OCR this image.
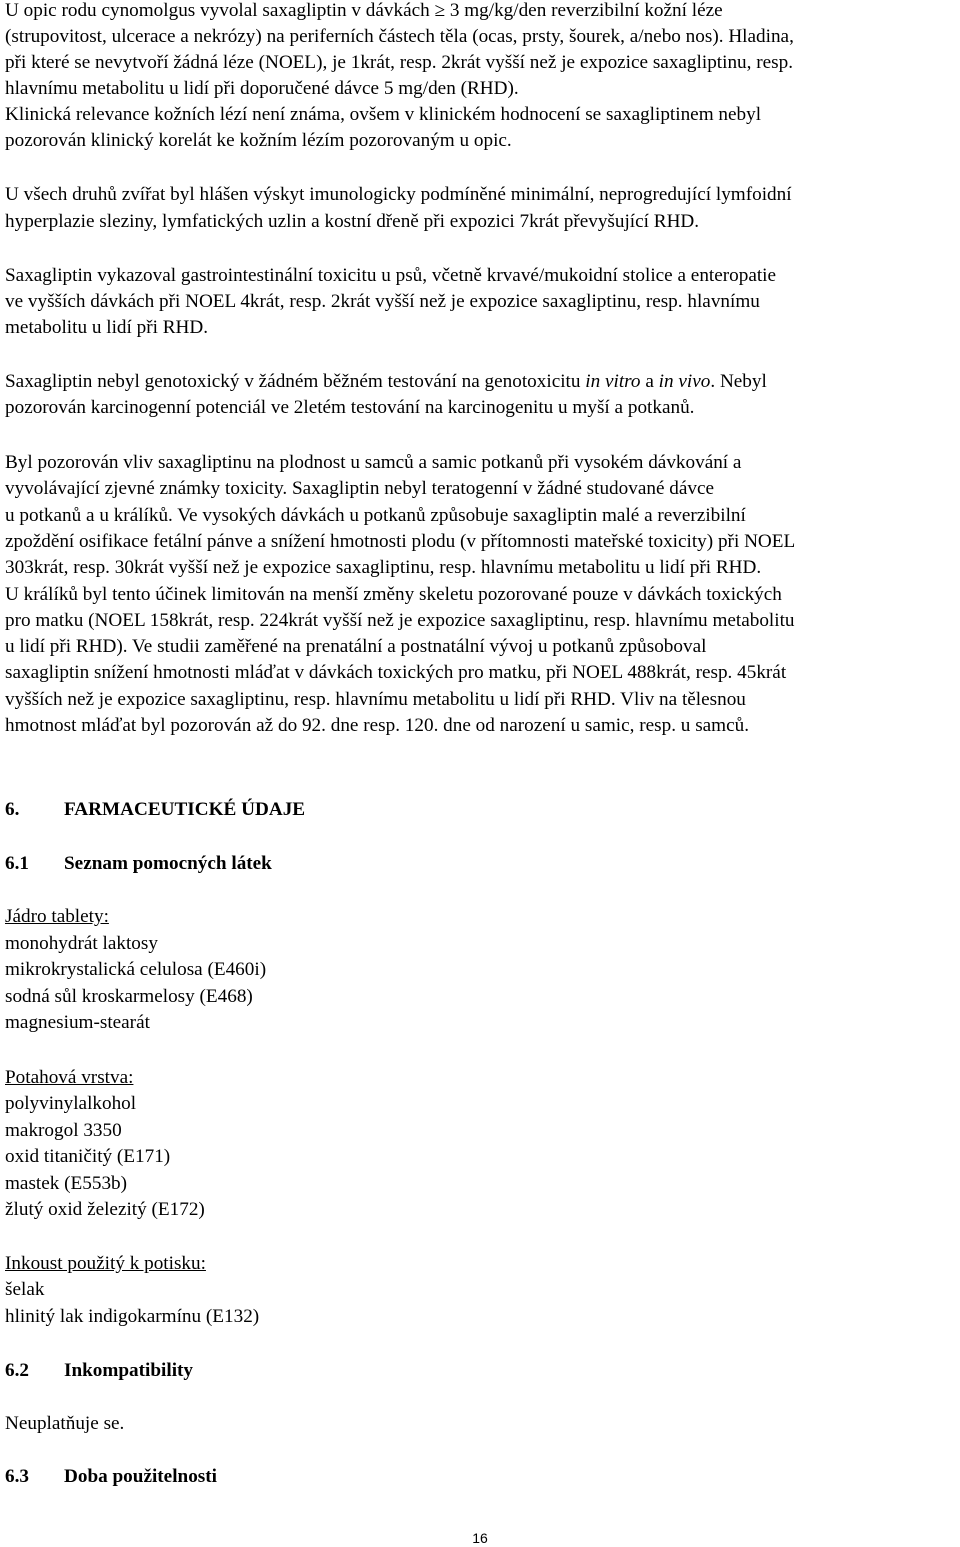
U opic rodu cynomolgus vyvolal saxagliptin v dávkách ≥ 3 mg/kg/den reverzibilní kožní léze
(strupovitost, ulcerace a nekrózy) na periferních částech těla (ocas, prsty, šourek, a/nebo nos). Hladina,
při které se nevytvoří žádná léze (NOEL), je 1krát, resp. 2krát vyšší než je expozice saxagliptinu, resp.
hlavnímu metabolitu u lidí při doporučené dávce 5 mg/den (RHD).
Klinická relevance kožních lézí není známa, ovšem v klinickém hodnocení se saxagliptinem nebyl
pozorován klinický korelát ke kožním lézím pozorovaným u opic.
U všech druhů zvířat byl hlášen výskyt imunologicky podmíněné minimální, neprogredující lymfoidní
hyperplazie sleziny, lymfatických uzlin a kostní dřeně při expozici 7krát převyšující RHD.
Saxagliptin vykazoval gastrointestinální toxicitu u psů, včetně krvavé/mukoidní stolice a enteropatie
ve vyšších dávkách při NOEL 4krát, resp. 2krát vyšší než je expozice saxagliptinu, resp. hlavnímu
metabolitu u lidí při RHD.
Saxagliptin nebyl genotoxický v žádném běžném testování na genotoxicitu in vitro a in vivo. Nebyl
pozorován karcinogenní potenciál ve 2letém testování na karcinogenitu u myší a potkanů.
Byl pozorován vliv saxagliptinu na plodnost u samců a samic potkanů při vysokém dávkování a
vyvolávající zjevné známky toxicity. Saxagliptin nebyl teratogenní v žádné studované dávce
u potkanů a u králíků. Ve vysokých dávkách u potkanů způsobuje saxagliptin malé a reverzibilní
zpoždění osifikace fetální pánve a snížení hmotnosti plodu (v přítomnosti mateřské toxicity) při NOEL
303krát, resp. 30krát vyšší než je expozice saxagliptinu, resp. hlavnímu metabolitu u lidí při RHD.
U králíků byl tento účinek limitován na menší změny skeletu pozorované pouze v dávkách toxických
pro matku (NOEL 158krát, resp. 224krát vyšší než je expozice saxagliptinu, resp. hlavnímu metabolitu
u lidí při RHD). Ve studii zaměřené na prenatální a postnatální vývoj u potkanů způsoboval
saxagliptin snížení hmotnosti mláďat v dávkách toxických pro matku, při NOEL 488krát, resp. 45krát
vyšších než je expozice saxagliptinu, resp. hlavnímu metabolitu u lidí při RHD. Vliv na tělesnou
hmotnost mláďat byl pozorován až do 92. dne resp. 120. dne od narození u samic, resp. u samců.
6. FARMACEUTICKÉ ÚDAJE
6.1 Seznam pomocných látek
Jádro tablety:
monohydrát laktosy
mikrokrystalická celulosa (E460i)
sodná sůl kroskarmelosy (E468)
magnesium-stearát
Potahová vrstva:
polyvinylalkohol
makrogol 3350
oxid titaničitý (E171)
mastek (E553b)
žlutý oxid železitý (E172)
Inkoust použitý k potisku:
šelak
hlinitý lak indigokarmínu (E132)
6.2 Inkompatibility
Neuplatňuje se.
6.3 Doba použitelnosti
16
